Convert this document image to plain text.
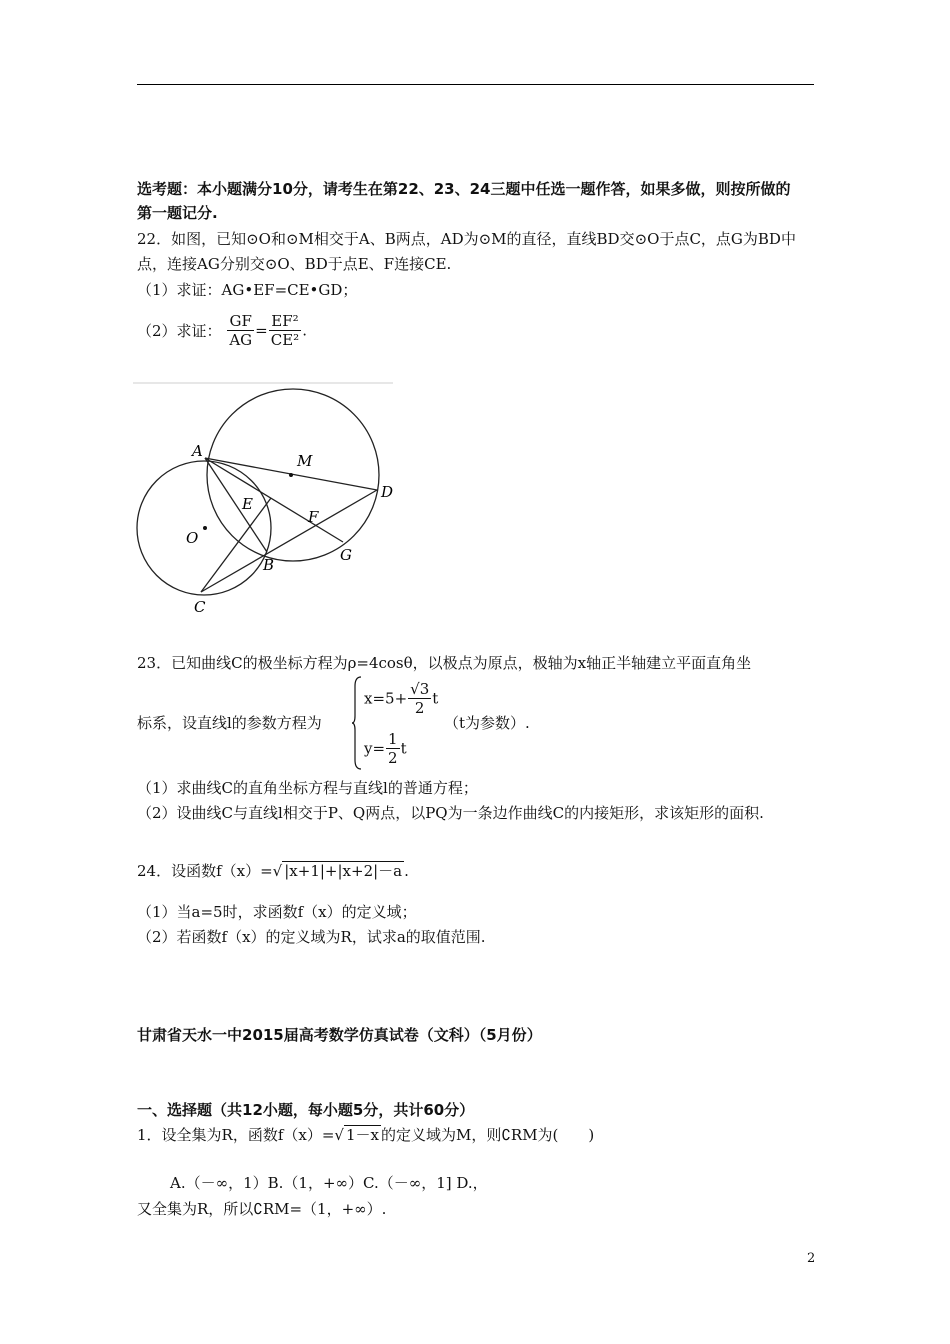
选考题：本小题满分10分，请考生在第22、23、24三题中任选一题作答，如果多做，则按所做的
第一题记分.
22．如图，已知⊙O和⊙M相交于A、B两点，AD为⊙M的直径，直线BD交⊙O于点C，点G为BD中
点，连接AG分别交⊙O、BD于点E、F连接CE.
（1）求证：AG•EF=CE•GD；
（2）求证： $\frac{GF}{AG} = \frac{\text{EF²}}{\text{CE²}}$ .
A
M
D
E
F
O
B
G
C
23．已知曲线C的极坐标方程为ρ=4cosθ，以极点为原点，极轴为x轴正半轴建立平面直角坐
标系，设直线l的参数方程为
$x=5+ \frac{√3}{2}$ t
$y= \frac{1}{2}$ t
（t为参数）.
（1）求曲线C的直角坐标方程与直线l的普通方程；
（2）设曲线C与直线l相交于P、Q两点，以PQ为一条边作曲线C的内接矩形，求该矩形的面积.
24．设函数f（x）=√ |x+1|+|x+2|－a .
（1）当a=5时，求函数f（x）的定义域；
（2）若函数f（x）的定义域为R，试求a的取值范围.
甘肃省天水一中2015届高考数学仿真试卷（文科）（5月份）
一、选择题（共12小题，每小题5分，共计60分）
1．设全集为R，函数f（x）=√ 1－x 的定义域为M，则∁RM为(　　)
A.（－∞，1）B.（1，+∞）C.（－∞，1] D.，
又全集为R，所以∁RM=（1，+∞）.
2
